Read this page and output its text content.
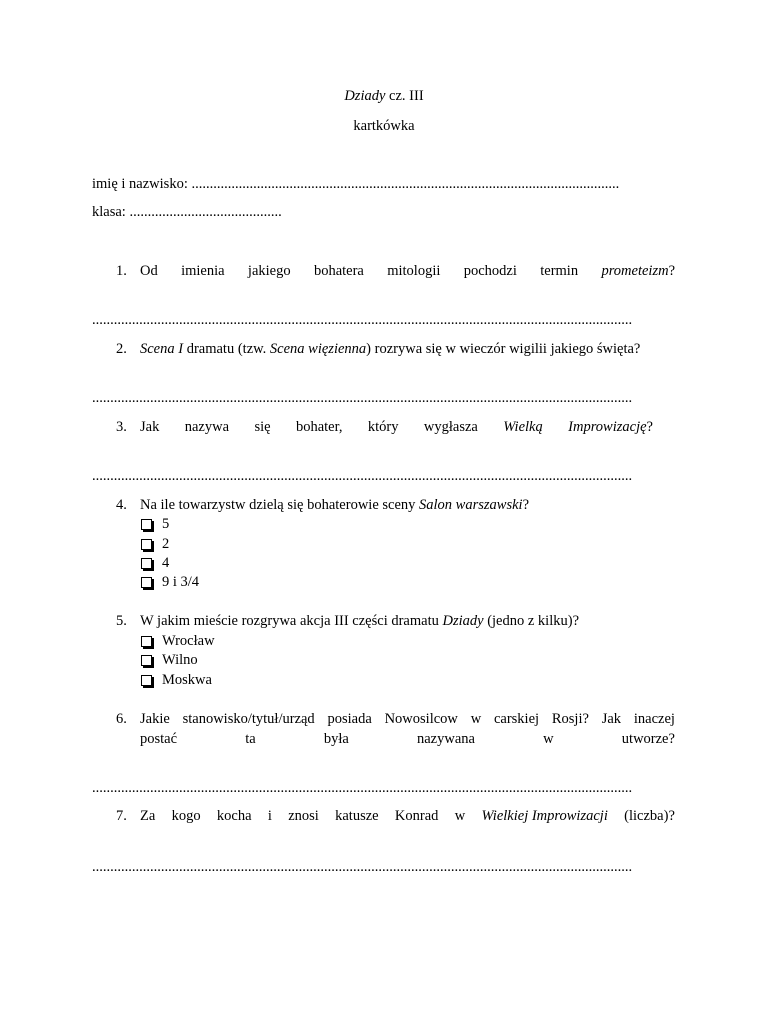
Dziady cz. III
kartkówka
imię i nazwisko: ......................................................................................................................
klasa: ..........................................
1. Od imienia jakiego bohatera mitologii pochodzi termin prometeizm?
.....................................................................................................................................................
2. Scena I dramatu (tzw. Scena więzienna) rozrywa się w wieczór wigilii jakiego święta?
.....................................................................................................................................................
3. Jak nazywa się bohater, który wygłasza Wielką Improwizację?
.....................................................................................................................................................
4. Na ile towarzystw dzielą się bohaterowie sceny Salon warszawski?
5
2
4
9 i 3/4
5. W jakim mieście rozgrywa akcja III części dramatu Dziady (jedno z kilku)?
Wrocław
Wilno
Moskwa
6. Jakie stanowisko/tytuł/urząd posiada Nowosilcow w carskiej Rosji? Jak inaczej
postać	ta	była	nazywana	w	utworze?
.....................................................................................................................................................
7. Za kogo kocha i znosi katusze Konrad w Wielkiej Improwizacji (liczba)?
.....................................................................................................................................................
